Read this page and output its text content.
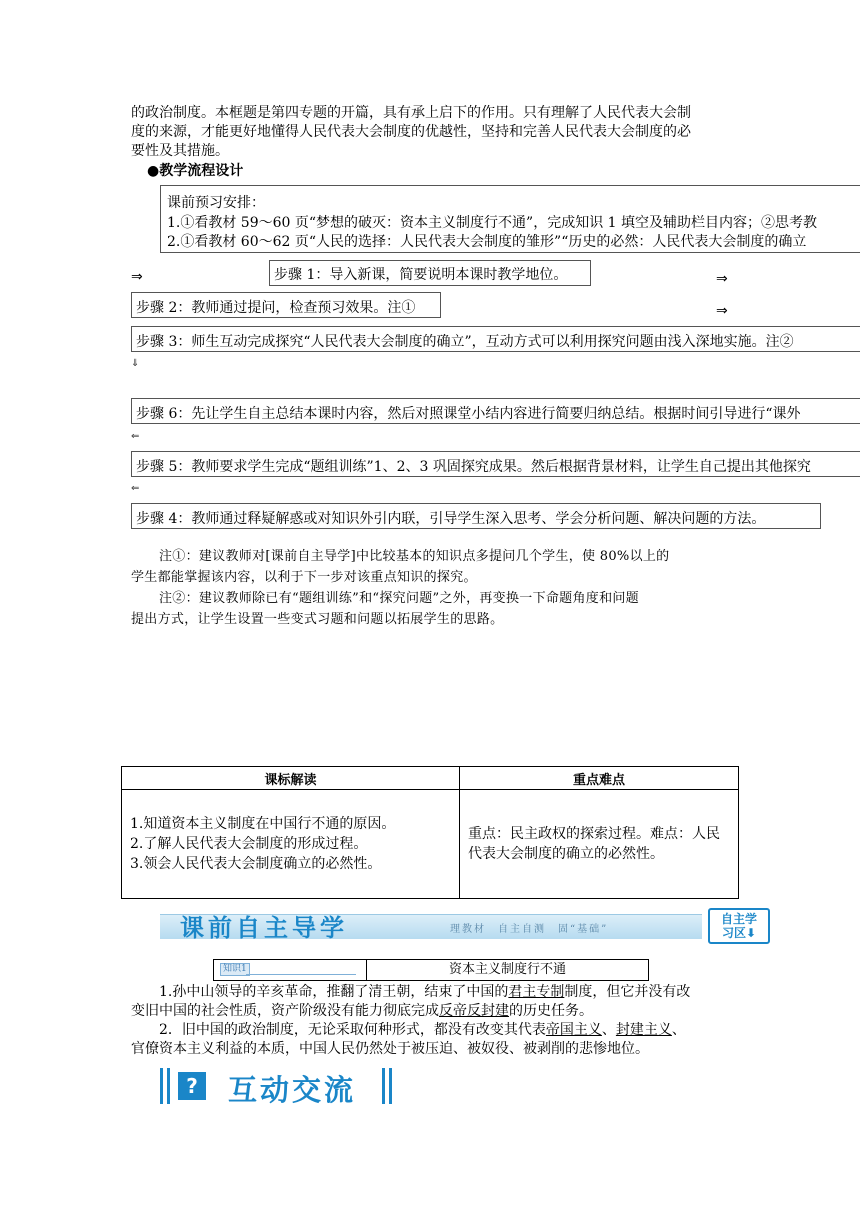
的政治制度。本框题是第四专题的开篇，具有承上启下的作用。只有理解了人民代表大会制
度的来源，才能更好地懂得人民代表大会制度的优越性，坚持和完善人民代表大会制度的必
要性及其措施。
●教学流程设计
课前预习安排：
1.①看教材 59～60 页“梦想的破灭：资本主义制度行不通”，完成知识 1 填空及辅助栏目内容；②思考教
2.①看教材 60～62 页“人民的选择：人民代表大会制度的雏形”“历史的必然：人民代表大会制度的确立
⇒	步骤 1：导入新课，简要说明本课时教学地位。	⇒
步骤 2：教师通过提问，检查预习效果。注①	⇒
步骤 3：师生互动完成探究“人民代表大会制度的确立”，互动方式可以利用探究问题由浅入深地实施。注②
⇓
步骤 6：先让学生自主总结本课时内容，然后对照课堂小结内容进行简要归纳总结。根据时间引导进行“课外
⇐
步骤 5：教师要求学生完成“题组训练”1、2、3 巩固探究成果。然后根据背景材料，让学生自己提出其他探究
⇐
步骤 4：教师通过释疑解惑或对知识外引内联，引导学生深入思考、学会分析问题、解决问题的方法。
注①：建议教师对[课前自主导学]中比较基本的知识点多提问几个学生，使 80%以上的
学生都能掌握该内容，以利于下一步对该重点知识的探究。
注②：建议教师除已有“题组训练”和“探究问题”之外，再变换一下命题角度和问题
提出方式，让学生设置一些变式习题和问题以拓展学生的思路。
课标解读	重点难点

1.知道资本主义制度在中国行不通的原因。
2.了解人民代表大会制度的形成过程。
3.领会人民代表大会制度确立的必然性。	重点：民主政权的探索过程。难点：人民代表大会制度的确立的必然性。
课前自主导学	理教材　自主自测　固“基础”
自主学
习区⬇
知识1	资本主义制度行不通
1.孙中山领导的辛亥革命，推翻了清王朝，结束了中国的君主专制制度，但它并没有改
变旧中国的社会性质，资产阶级没有能力彻底完成反帝反封建的历史任务。
2．旧中国的政治制度，无论采取何种形式，都没有改变其代表帝国主义、封建主义、
官僚资本主义利益的本质，中国人民仍然处于被压迫、被奴役、被剥削的悲惨地位。
? 互动交流
